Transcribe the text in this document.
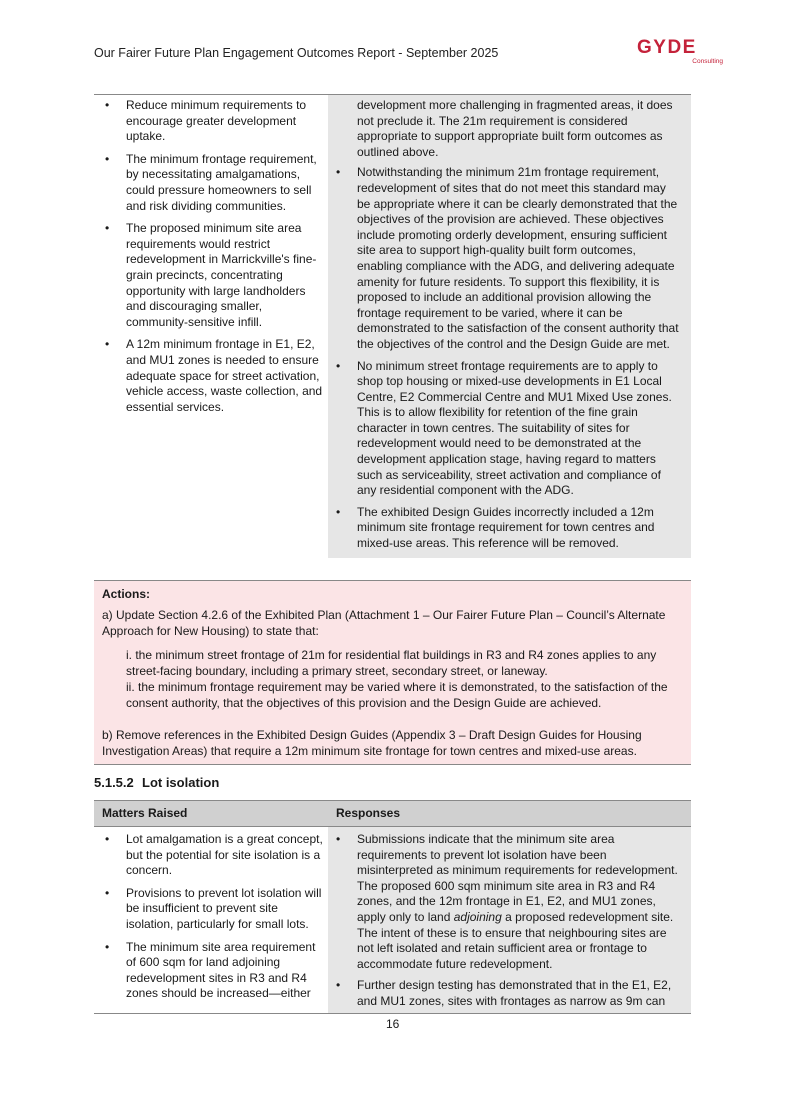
Our Fairer Future Plan Engagement Outcomes Report - September 2025	GYDE
Consulting
• Reduce minimum requirements to encourage greater development uptake.
• The minimum frontage requirement, by necessitating amalgamations, could pressure homeowners to sell and risk dividing communities.
• The proposed minimum site area requirements would restrict redevelopment in Marrickville's fine-grain precincts, concentrating opportunity with large landholders and discouraging smaller, community-sensitive infill.
• A 12m minimum frontage in E1, E2, and MU1 zones is needed to ensure adequate space for street activation, vehicle access, waste collection, and essential services.
development more challenging in fragmented areas, it does not preclude it. The 21m requirement is considered appropriate to support appropriate built form outcomes as outlined above.
• Notwithstanding the minimum 21m frontage requirement, redevelopment of sites that do not meet this standard may be appropriate where it can be clearly demonstrated that the objectives of the provision are achieved. These objectives include promoting orderly development, ensuring sufficient site area to support high-quality built form outcomes, enabling compliance with the ADG, and delivering adequate amenity for future residents. To support this flexibility, it is proposed to include an additional provision allowing the frontage requirement to be varied, where it can be demonstrated to the satisfaction of the consent authority that the objectives of the control and the Design Guide are met.
• No minimum street frontage requirements are to apply to shop top housing or mixed-use developments in E1 Local Centre, E2 Commercial Centre and MU1 Mixed Use zones. This is to allow flexibility for retention of the fine grain character in town centres. The suitability of sites for redevelopment would need to be demonstrated at the development application stage, having regard to matters such as serviceability, street activation and compliance of any residential component with the ADG.
• The exhibited Design Guides incorrectly included a 12m minimum site frontage requirement for town centres and mixed-use areas. This reference will be removed.
Actions:
a) Update Section 4.2.6 of the Exhibited Plan (Attachment 1 – Our Fairer Future Plan – Council’s Alternate Approach for New Housing) to state that:
i. the minimum street frontage of 21m for residential flat buildings in R3 and R4 zones applies to any street-facing boundary, including a primary street, secondary street, or laneway.
ii. the minimum frontage requirement may be varied where it is demonstrated, to the satisfaction of the consent authority, that the objectives of this provision and the Design Guide are achieved.
b) Remove references in the Exhibited Design Guides (Appendix 3 – Draft Design Guides for Housing Investigation Areas) that require a 12m minimum site frontage for town centres and mixed-use areas.
5.1.5.2 Lot isolation
Matters Raised	Responses
• Lot amalgamation is a great concept, but the potential for site isolation is a concern.
• Provisions to prevent lot isolation will be insufficient to prevent site isolation, particularly for small lots.
• The minimum site area requirement of 600 sqm for land adjoining redevelopment sites in R3 and R4 zones should be increased—either
• Submissions indicate that the minimum site area requirements to prevent lot isolation have been misinterpreted as minimum requirements for redevelopment. The proposed 600 sqm minimum site area in R3 and R4 zones, and the 12m frontage in E1, E2, and MU1 zones, apply only to land adjoining a proposed redevelopment site. The intent of these is to ensure that neighbouring sites are not left isolated and retain sufficient area or frontage to accommodate future redevelopment.
• Further design testing has demonstrated that in the E1, E2, and MU1 zones, sites with frontages as narrow as 9m can
16
